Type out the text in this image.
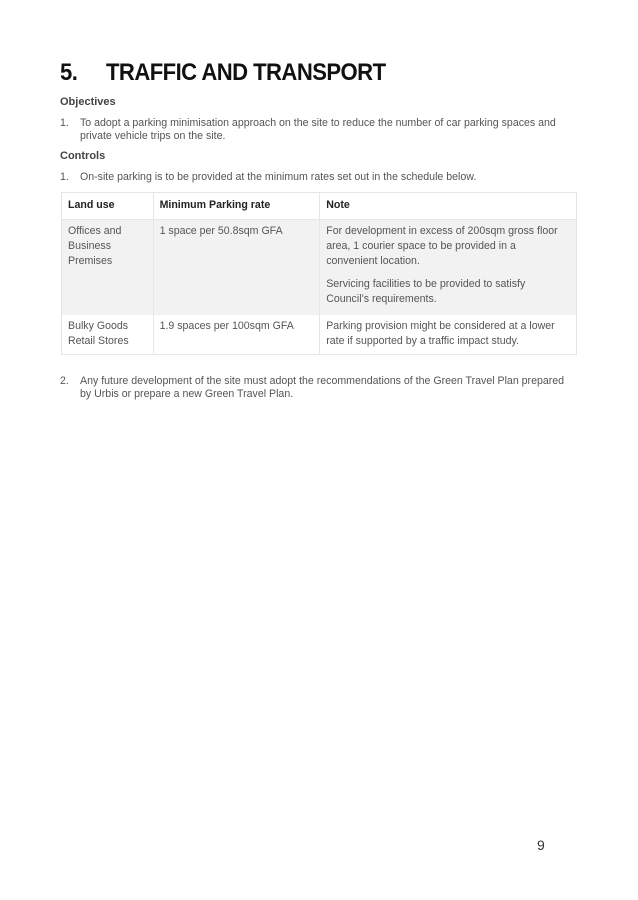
5. TRAFFIC AND TRANSPORT

Objectives

1.	To adopt a parking minimisation approach on the site to reduce the number of car parking spaces and private vehicle trips on the site.

Controls

1.	On-site parking is to be provided at the minimum rates set out in the schedule below.
Land use	Minimum Parking rate	Note
Offices and Business Premises	1 space per 50.8sqm GFA	For development in excess of 200sqm gross floor area, 1 courier space to be provided in a convenient location.

Servicing facilities to be provided to satisfy Council’s requirements.

Bulky Goods Retail Stores	1.9 spaces per 100sqm GFA	Parking provision might be considered at a lower rate if supported by a traffic impact study.

2.	Any future development of the site must adopt the recommendations of the Green Travel Plan prepared by Urbis or prepare a new Green Travel Plan.
9
